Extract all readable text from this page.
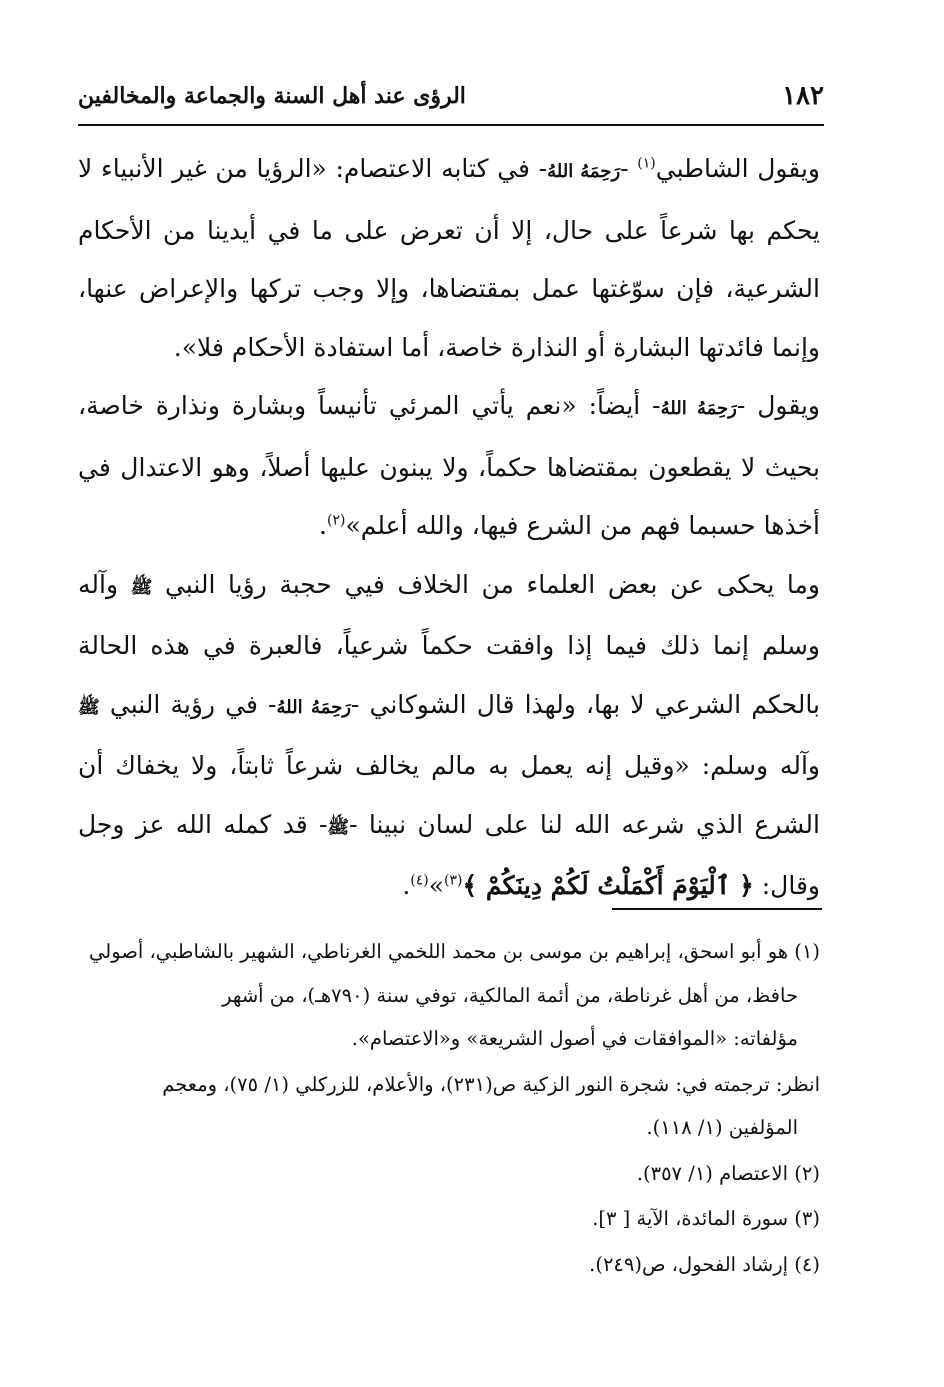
١٨٢
الرؤى عند أهل السنة والجماعة والمخالفين

ويقول الشاطبي$^{(١)}$ -رَحِمَهُ اللهُ- في كتابه الاعتصام: «الرؤيا من غير الأنبياء لا يحكم بها شرعاً على حال، إلا أن تعرض على ما في أيدينا من الأحكام الشرعية، فإن سوّغتها عمل بمقتضاها، وإلا وجب تركها والإعراض عنها، وإنما فائدتها البشارة أو النذارة خاصة، أما استفادة الأحكام فلا».

ويقول -رَحِمَهُ اللهُ- أيضاً: «نعم يأتي المرئي تأنيساً وبشارة ونذارة خاصة، بحيث لا يقطعون بمقتضاها حكماً، ولا يبنون عليها أصلاً، وهو الاعتدال في أخذها حسبما فهم من الشرع فيها، والله أعلم»$^{(٢)}$.

وما يحكى عن بعض العلماء من الخلاف فيي حجبة رؤيا النبي ﷺ وآله وسلم إنما ذلك فيما إذا وافقت حكماً شرعياً، فالعبرة في هذه الحالة بالحكم الشرعي لا بها، ولهذا قال الشوكاني -رَحِمَهُ اللهُ- في رؤية النبي ﷺ وآله وسلم: «وقيل إنه يعمل به مالم يخالف شرعاً ثابتاً، ولا يخفاك أن الشرع الذي شرعه الله لنا على لسان نبينا -ﷺ- قد كمله الله عز وجل وقال: ﴿ ٱلْيَوْمَ أَكْمَلْتُ لَكُمْ دِينَكُمْ ﴾$^{(٣)}$»$^{(٤)}$.

(١) هو أبو اسحق، إبراهيم بن موسى بن محمد اللخمي الغرناطي، الشهير بالشاطبي، أصولي

حافظ، من أهل غرناطة، من أئمة المالكية، توفي سنة (٧٩٠هـ)، من أشهر

مؤلفاته: «الموافقات في أصول الشريعة» و«الاعتصام».

انظر: ترجمته في: شجرة النور الزكية ص(٢٣١)، والأعلام، للزركلي (١/ ٧٥)، ومعجم

المؤلفين (١/ ١١٨).

(٢) الاعتصام (١/ ٣٥٧).

(٣) سورة المائدة، الآية [ ٣].

(٤) إرشاد الفحول، ص(٢٤٩).
